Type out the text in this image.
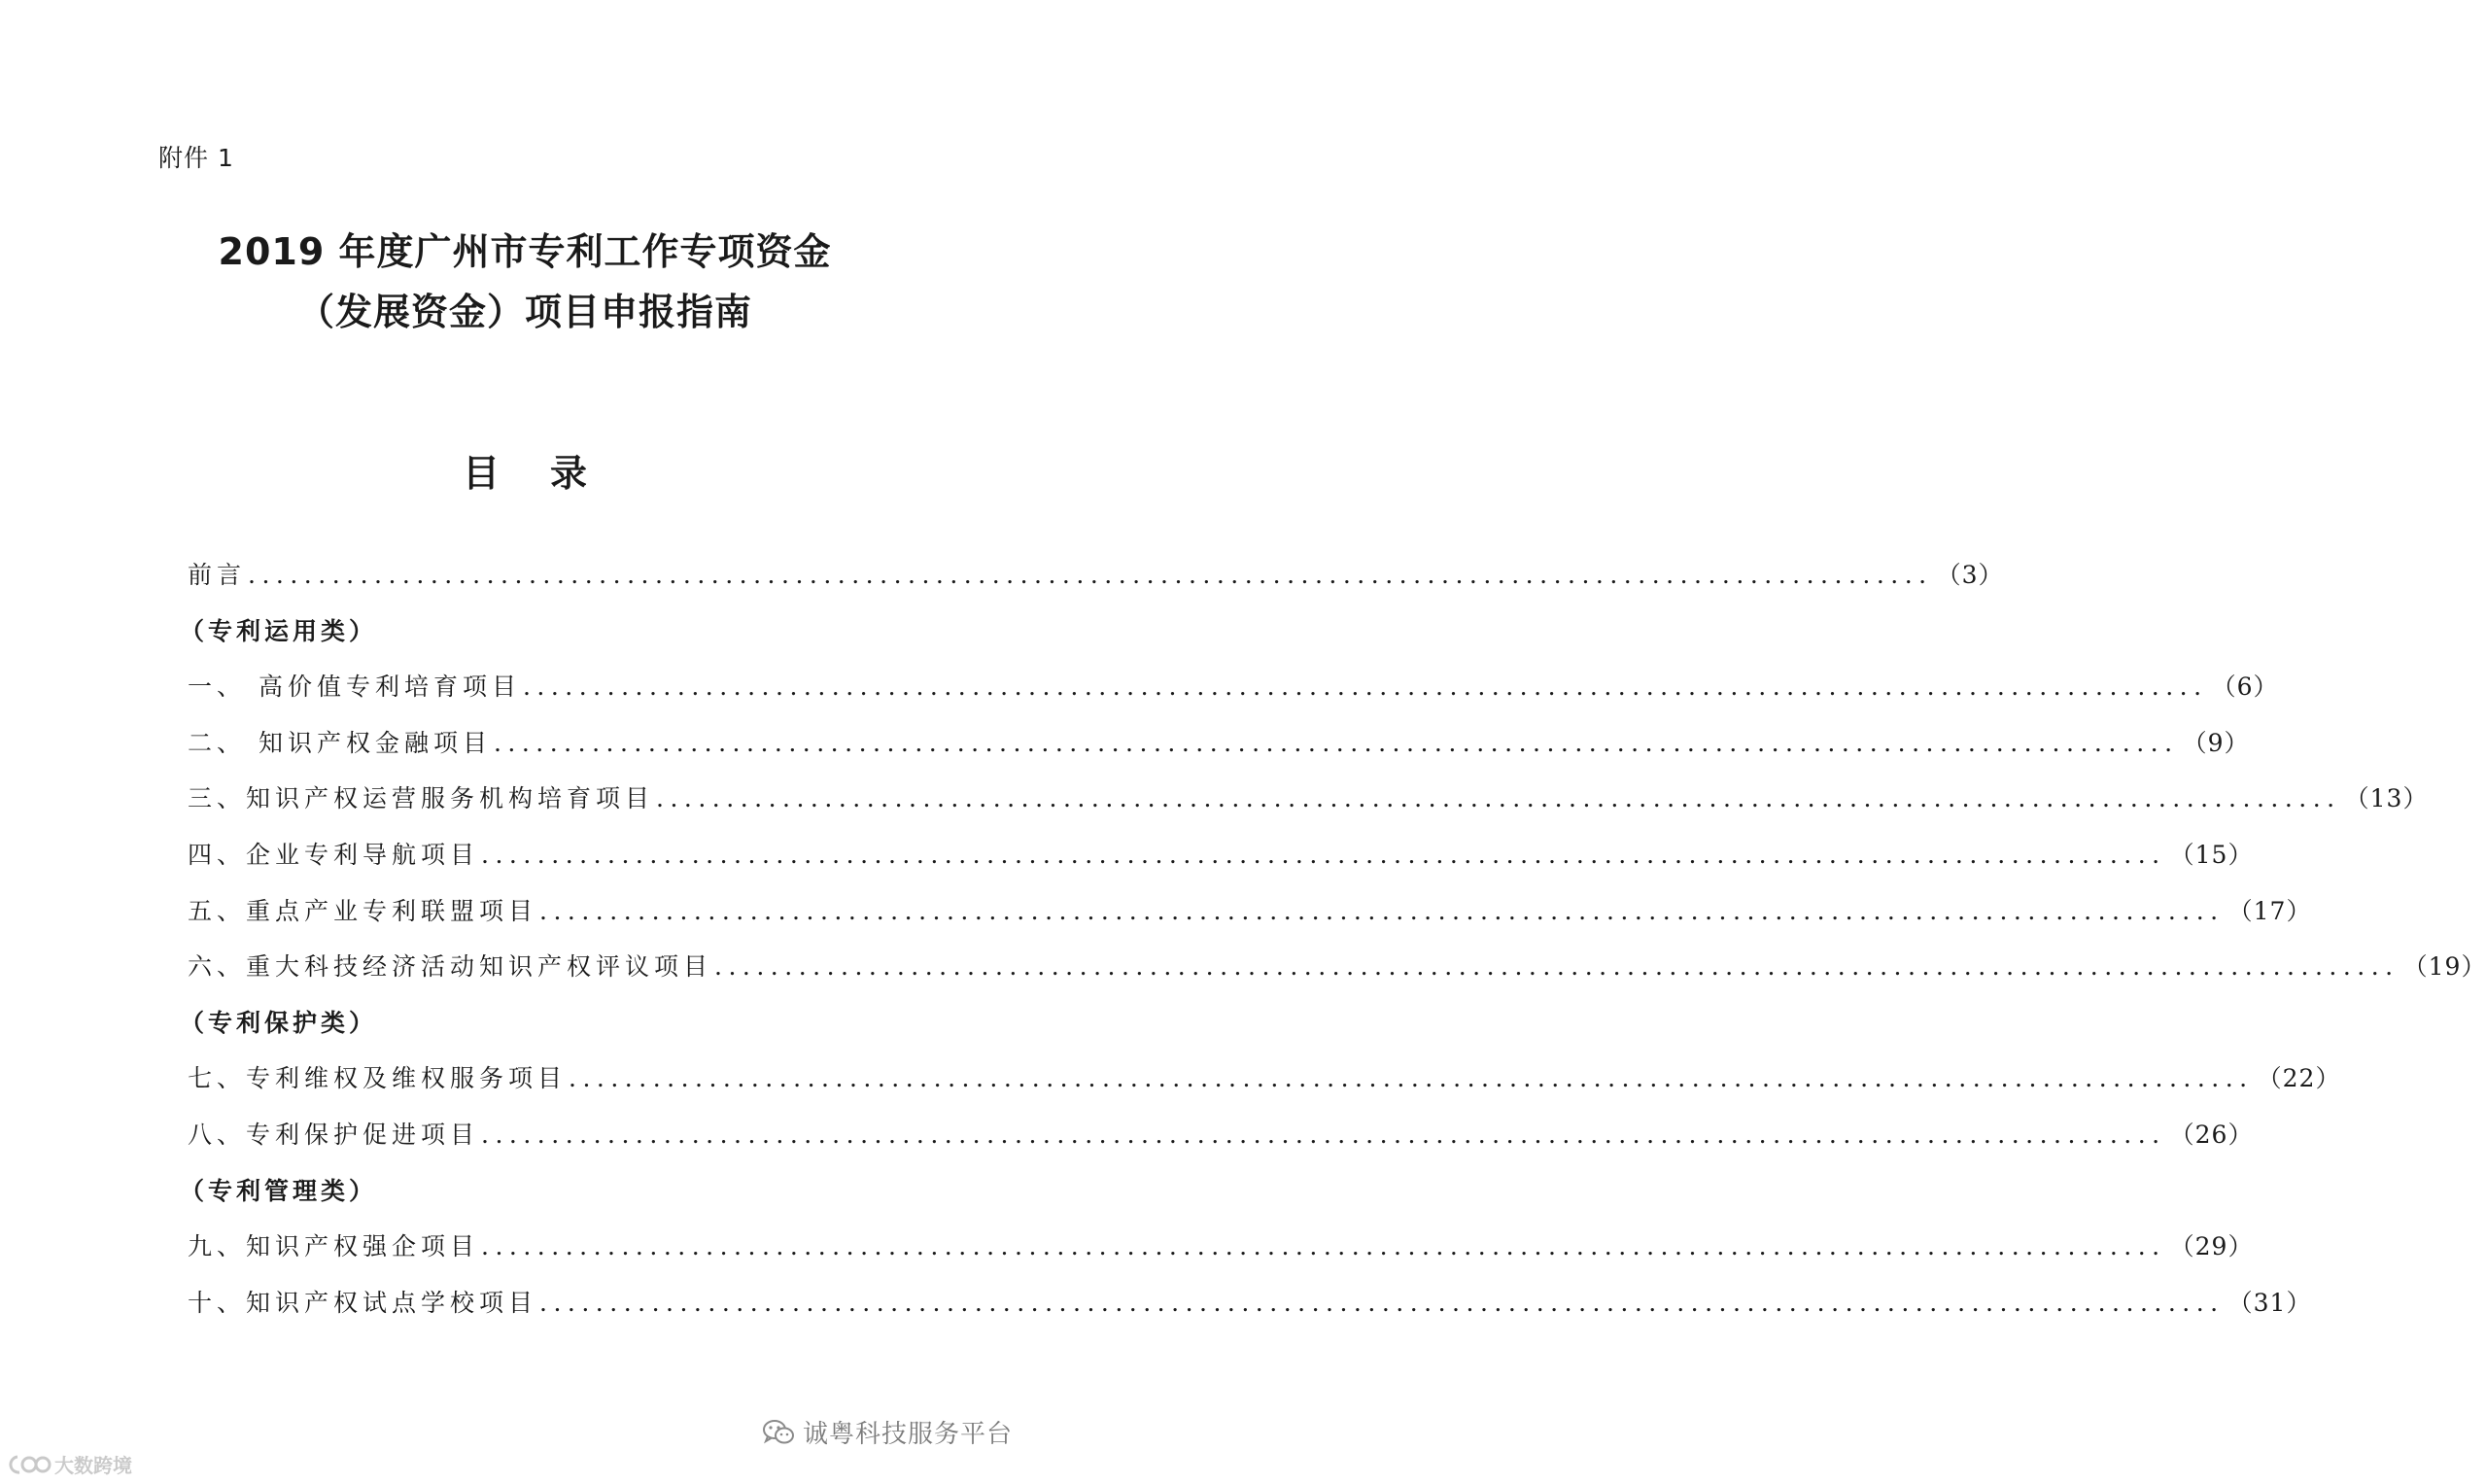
附件 1
2019 年度广州市专利工作专项资金
（发展资金）项目申报指南
目录
前言 ........................................................................................................................ （3）
（专利运用类）
一、 高价值专利培育项目 ........................................................................................................................ （6）
二、 知识产权金融项目 ........................................................................................................................ （9）
三、知识产权运营服务机构培育项目 ........................................................................................................................ （13）
四、企业专利导航项目 ........................................................................................................................ （15）
五、重点产业专利联盟项目 ........................................................................................................................ （17）
六、重大科技经济活动知识产权评议项目 ........................................................................................................................ （19）
（专利保护类）
七、专利维权及维权服务项目 ........................................................................................................................ （22）
八、专利保护促进项目 ........................................................................................................................ （26）
（专利管理类）
九、知识产权强企项目 ........................................................................................................................ （29）
十、知识产权试点学校项目 ........................................................................................................................ （31）
诚粤科技服务平台
大数跨境
